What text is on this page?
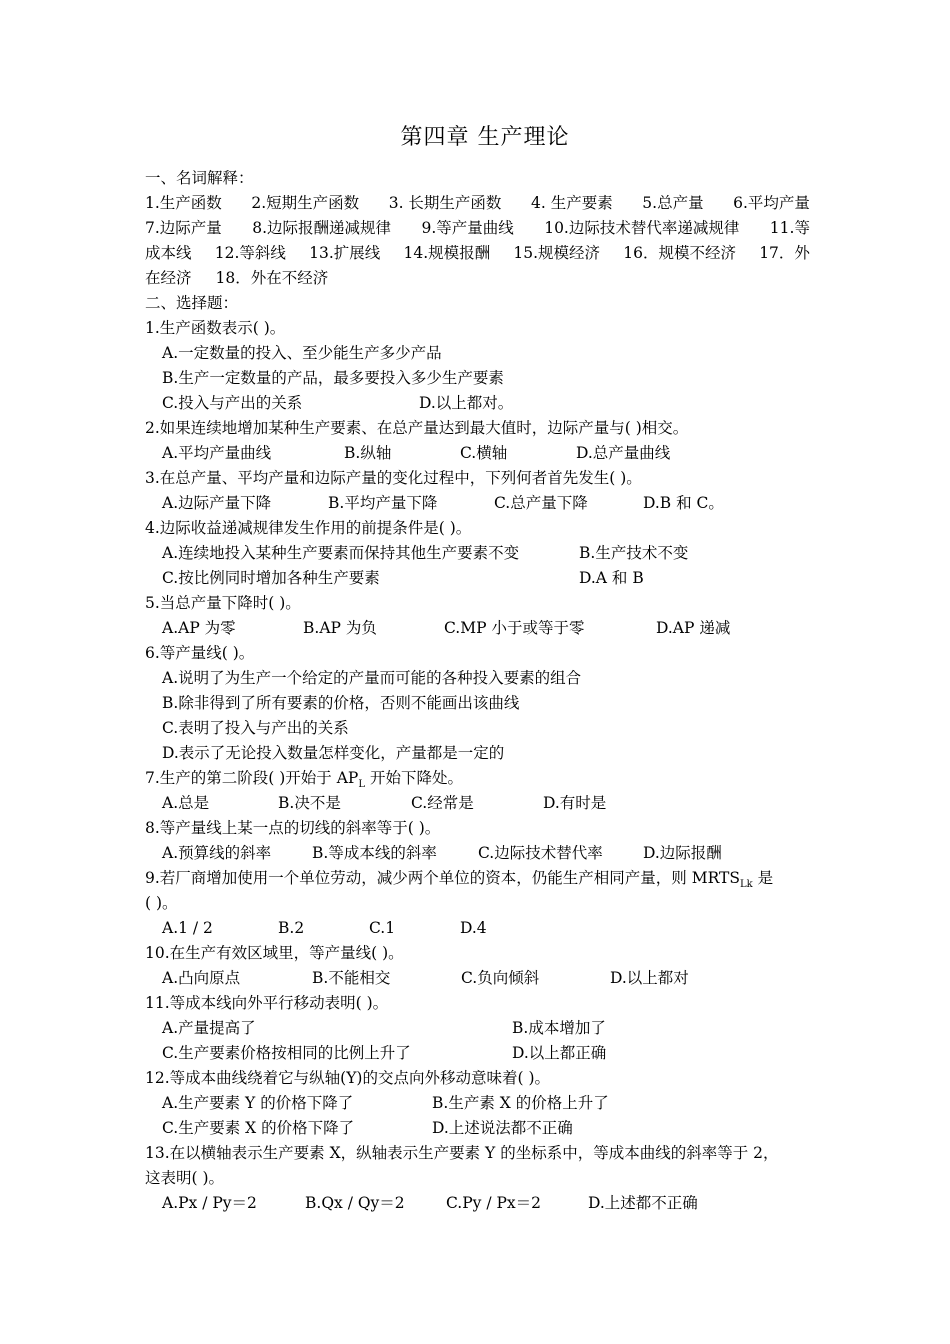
第四章 生产理论
一、名词解释：
1.生产函数 2.短期生产函数 3. 长期生产函数 4. 生产要素 5.总产量 6.平均产量
7.边际产量 8.边际报酬递减规律 9.等产量曲线 10.边际技术替代率递减规律 11.等
成本线 12.等斜线 13.扩展线 14.规模报酬 15.规模经济 16．规模不经济 17．外
在经济 18．外在不经济
二、选择题：
1.生产函数表示( )。
A.一定数量的投入、至少能生产多少产品
B.生产一定数量的产品，最多要投入多少生产要素
C.投入与产出的关系	D.以上都对。
2.如果连续地增加某种生产要素、在总产量达到最大值时，边际产量与( )相交。
A.平均产量曲线	B.纵轴	C.横轴	D.总产量曲线
3.在总产量、平均产量和边际产量的变化过程中，下列何者首先发生( )。
A.边际产量下降	B.平均产量下降	C.总产量下降	D.B 和 C。
4.边际收益递减规律发生作用的前提条件是( )。
A.连续地投入某种生产要素而保持其他生产要素不变	B.生产技术不变
C.按比例同时增加各种生产要素	D.A 和 B
5.当总产量下降时( )。
A.AP 为零	B.AP 为负	C.MP 小于或等于零	D.AP 递减
6.等产量线( )。
A.说明了为生产一个给定的产量而可能的各种投入要素的组合
B.除非得到了所有要素的价格，否则不能画出该曲线
C.表明了投入与产出的关系
D.表示了无论投入数量怎样变化，产量都是一定的
7.生产的第二阶段( )开始于 $AP_L$ 开始下降处。
A.总是	B.决不是	C.经常是	D.有时是
8.等产量线上某一点的切线的斜率等于( )。
A.预算线的斜率	B.等成本线的斜率	C.边际技术替代率	D.边际报酬
9.若厂商增加使用一个单位劳动，减少两个单位的资本，仍能生产相同产量，则 $MRTS_{Lk}$ 是
( )。
A.1 / 2	B.2	C.1	D.4
10.在生产有效区域里，等产量线( )。
A.凸向原点	B.不能相交	C.负向倾斜	D.以上都对
11.等成本线向外平行移动表明( )。
A.产量提高了	B.成本增加了
C.生产要素价格按相同的比例上升了	D.以上都正确
12.等成本曲线绕着它与纵轴(Y)的交点向外移动意味着( )。
A.生产要素 Y 的价格下降了	B.生产素 X 的价格上升了
C.生产要素 X 的价格下降了	D.上述说法都不正确
13.在以横轴表示生产要素 X，纵轴表示生产要素 Y 的坐标系中，等成本曲线的斜率等于 2，
这表明( )。
A.Px / Py＝2	B.Qx / Qy＝2	C.Py / Px＝2	D.上述都不正确
